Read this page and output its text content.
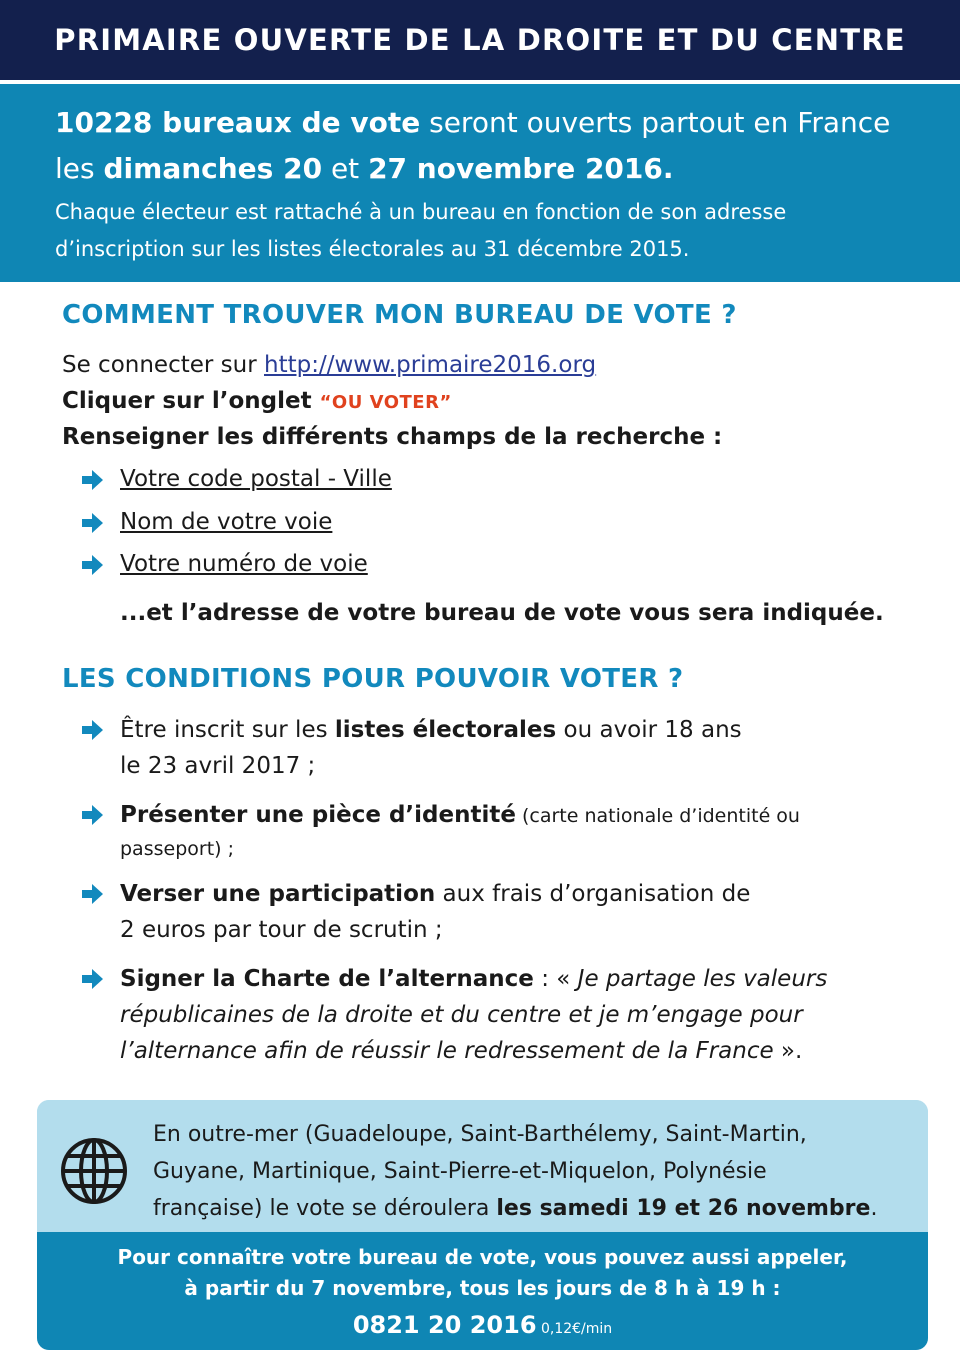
PRIMAIRE OUVERTE DE LA DROITE ET DU CENTRE
10228 bureaux de vote seront ouverts partout en France
les dimanches 20 et 27 novembre 2016.
Chaque électeur est rattaché à un bureau en fonction de son adresse
d’inscription sur les listes électorales au 31 décembre 2015.
COMMENT TROUVER MON BUREAU DE VOTE ?
Se connecter sur http://www.primaire2016.org
Cliquer sur l’onglet “OU VOTER”
Renseigner les différents champs de la recherche :
Votre code postal - Ville
Nom de votre voie
Votre numéro de voie
...et l’adresse de votre bureau de vote vous sera indiquée.
LES CONDITIONS POUR POUVOIR VOTER ?
Être inscrit sur les listes électorales ou avoir 18 ans
le 23 avril 2017 ;
Présenter une pièce d’identité (carte nationale d’identité ou
passeport) ;
Verser une participation aux frais d’organisation de
2 euros par tour de scrutin ;
Signer la Charte de l’alternance : « Je partage les valeurs
républicaines de la droite et du centre et je m’engage pour
l’alternance afin de réussir le redressement de la France ».
En outre-mer (Guadeloupe, Saint-Barthélemy, Saint-Martin,
Guyane, Martinique, Saint-Pierre-et-Miquelon, Polynésie
française) le vote se déroulera les samedi 19 et 26 novembre.
Pour connaître votre bureau de vote, vous pouvez aussi appeler,
à partir du 7 novembre, tous les jours de 8 h à 19 h :
0821 20 2016 0,12€/min
